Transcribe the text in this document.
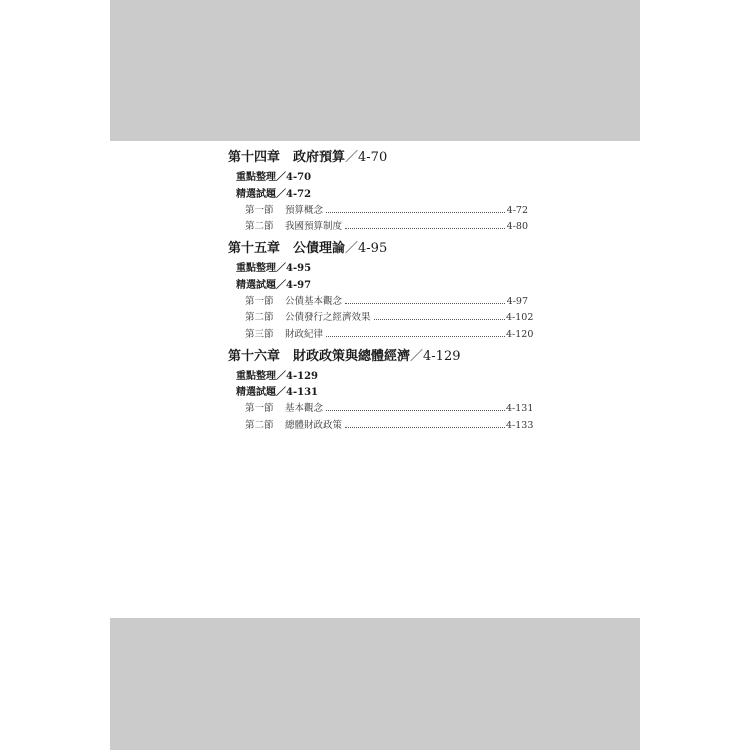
第十四章　政府預算／4-70
重點整理／4-70
精選試題／4-72
第一節	預算概念	4-72
第二節	我國預算制度	4-80
第十五章　公債理論／4-95
重點整理／4-95
精選試題／4-97
第一節	公債基本觀念	4-97
第二節	公債發行之經濟效果	4-102
第三節	財政紀律	4-120
第十六章　財政政策與總體經濟／4-129
重點整理／4-129
精選試題／4-131
第一節	基本觀念	4-131
第二節	總體財政政策	4-133
